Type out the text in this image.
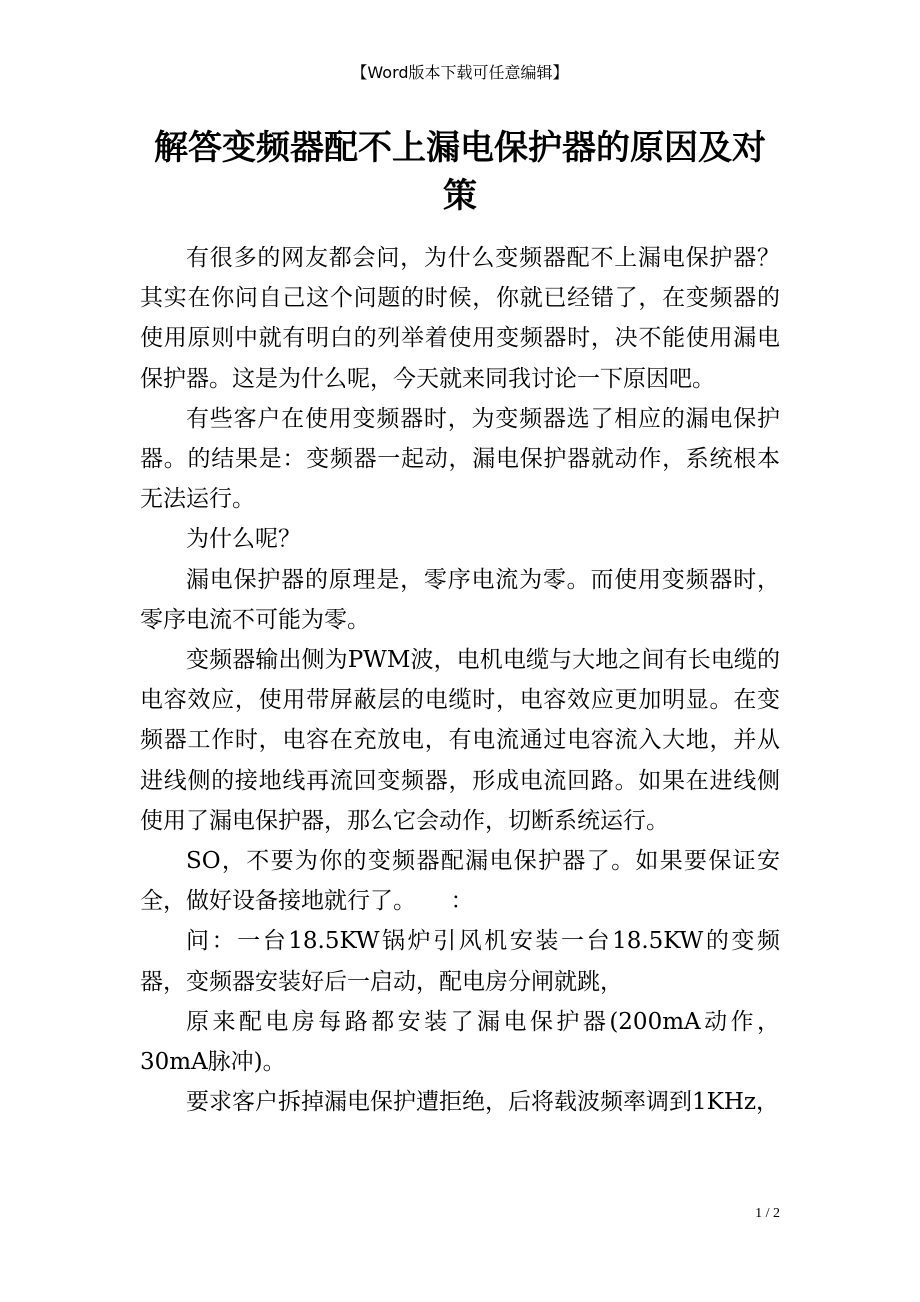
【Word版本下载可任意编辑】
解答变频器配不上漏电保护器的原因及对策

有很多的网友都会问，为什么变频器配不上漏电保护器？其实在你问自己这个问题的时候，你就已经错了，在变频器的使用原则中就有明白的列举着使用变频器时，决不能使用漏电保护器。这是为什么呢，今天就来同我讨论一下原因吧。

有些客户在使用变频器时，为变频器选了相应的漏电保护器。的结果是：变频器一起动，漏电保护器就动作，系统根本无法运行。

为什么呢？

漏电保护器的原理是，零序电流为零。而使用变频器时，零序电流不可能为零。

变频器输出侧为PWM波，电机电缆与大地之间有长电缆的电容效应，使用带屏蔽层的电缆时，电容效应更加明显。在变频器工作时，电容在充放电，有电流通过电容流入大地，并从进线侧的接地线再流回变频器，形成电流回路。如果在进线侧使用了漏电保护器，那么它会动作，切断系统运行。

SO，不要为你的变频器配漏电保护器了。如果要保证安全，做好设备接地就行了。　　：

问：一台18.5KW锅炉引风机安装一台18.5KW的变频器，变频器安装好后一启动，配电房分闸就跳，

原来配电房每路都安装了漏电保护器(200mA动作，30mA脉冲)。

要求客户拆掉漏电保护遭拒绝，后将载波频率调到1KHz，

1 / 2
